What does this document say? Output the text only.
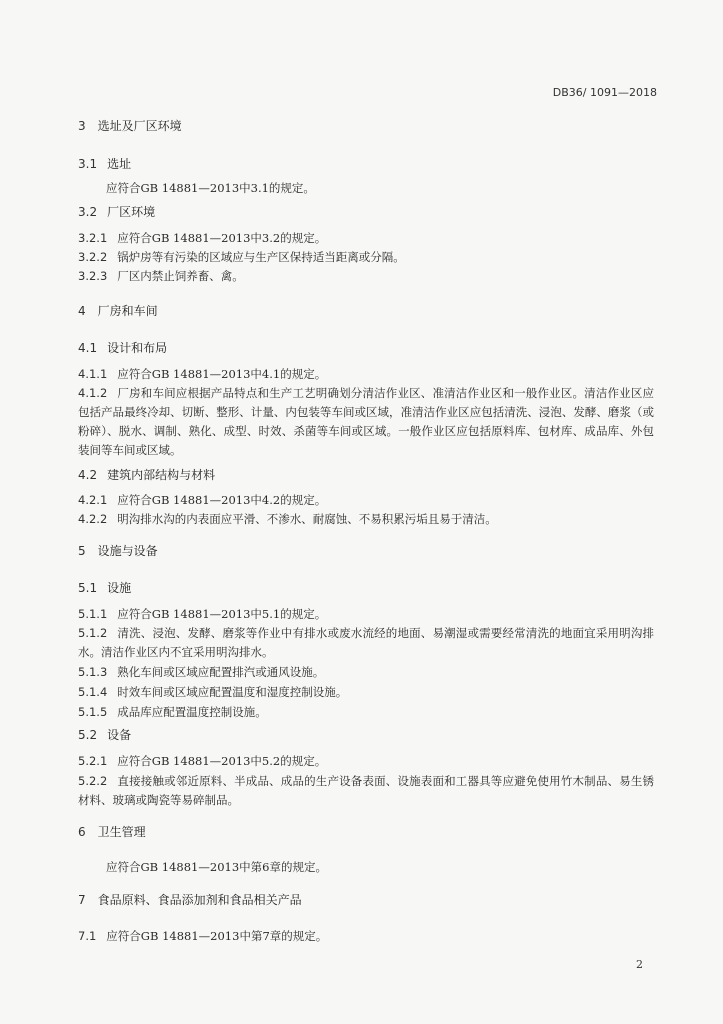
DB36/ 1091—2018
3 选址及厂区环境
3.1 选址
应符合GB 14881—2013中3.1的规定。
3.2 厂区环境
3.2.1 应符合GB 14881—2013中3.2的规定。
3.2.2 锅炉房等有污染的区域应与生产区保持适当距离或分隔。
3.2.3 厂区内禁止饲养畜、禽。
4 厂房和车间
4.1 设计和布局
4.1.1 应符合GB 14881—2013中4.1的规定。
4.1.2 厂房和车间应根据产品特点和生产工艺明确划分清洁作业区、准清洁作业区和一般作业区。清洁作业区应包括产品最终冷却、切断、整形、计量、内包装等车间或区域，准清洁作业区应包括清洗、浸泡、发酵、磨浆（或粉碎）、脱水、调制、熟化、成型、时效、杀菌等车间或区域。一般作业区应包括原料库、包材库、成品库、外包装间等车间或区域。
4.2 建筑内部结构与材料
4.2.1 应符合GB 14881—2013中4.2的规定。
4.2.2 明沟排水沟的内表面应平滑、不渗水、耐腐蚀、不易积累污垢且易于清洁。
5 设施与设备
5.1 设施
5.1.1 应符合GB 14881—2013中5.1的规定。
5.1.2 清洗、浸泡、发酵、磨浆等作业中有排水或废水流经的地面、易潮湿或需要经常清洗的地面宜采用明沟排水。清洁作业区内不宜采用明沟排水。
5.1.3 熟化车间或区域应配置排汽或通风设施。
5.1.4 时效车间或区域应配置温度和湿度控制设施。
5.1.5 成品库应配置温度控制设施。
5.2 设备
5.2.1 应符合GB 14881—2013中5.2的规定。
5.2.2 直接接触或邻近原料、半成品、成品的生产设备表面、设施表面和工器具等应避免使用竹木制品、易生锈材料、玻璃或陶瓷等易碎制品。
6 卫生管理
应符合GB 14881—2013中第6章的规定。
7 食品原料、食品添加剂和食品相关产品
7.1 应符合GB 14881—2013中第7章的规定。
2
